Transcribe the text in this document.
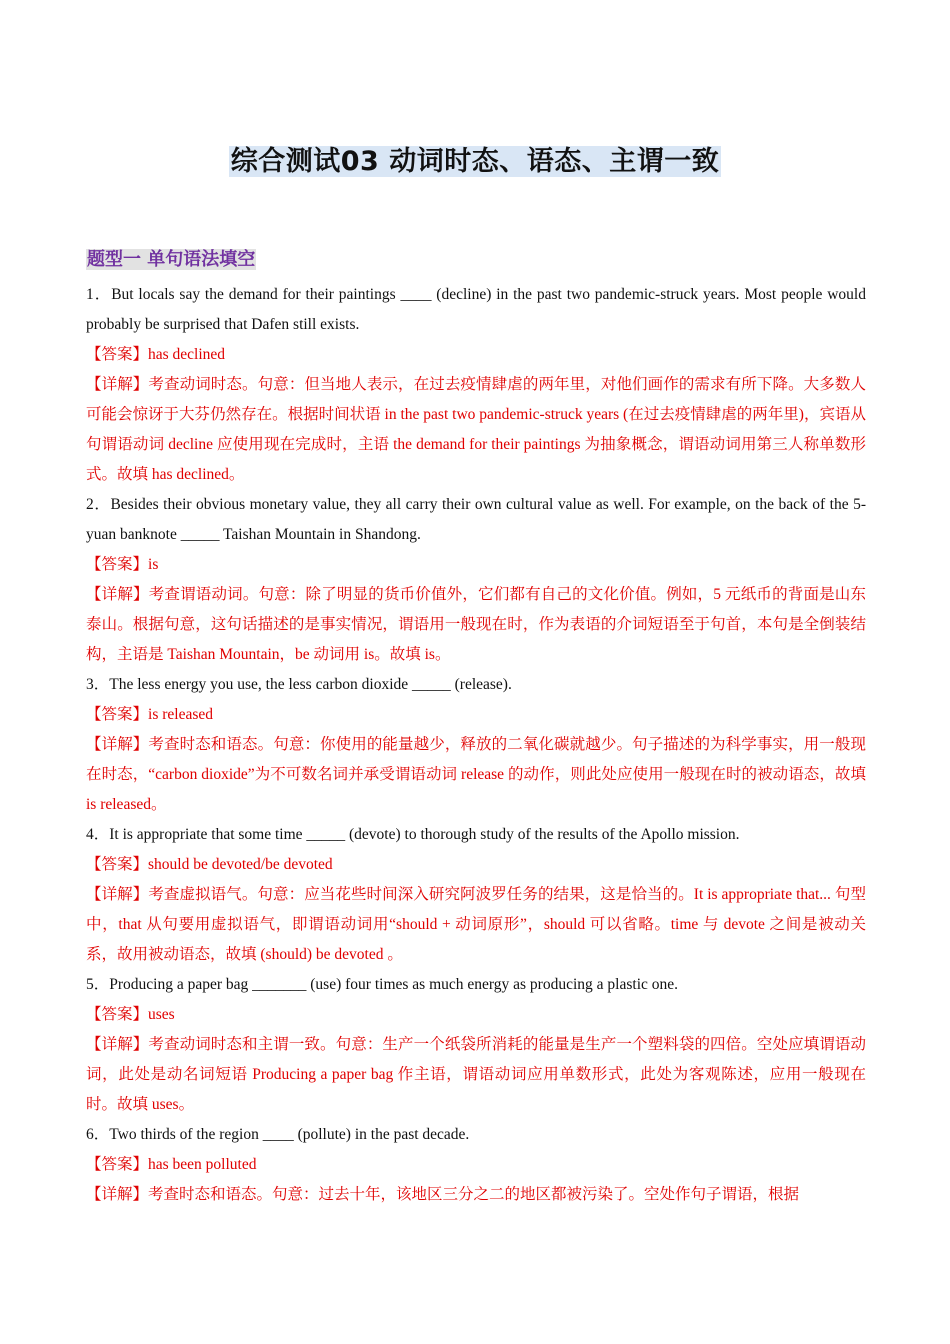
综合测试03 动词时态、语态、主谓一致
题型一 单句语法填空

1．But locals say the demand for their paintings ____ (decline) in the past two pandemic-struck years. Most people would probably be surprised that Dafen still exists.

【答案】has declined

【详解】考查动词时态。句意：但当地人表示，在过去疫情肆虐的两年里，对他们画作的需求有所下降。大多数人可能会惊讶于大芬仍然存在。根据时间状语 in the past two pandemic-struck years (在过去疫情肆虐的两年里)，宾语从句谓语动词 decline 应使用现在完成时，主语 the demand for their paintings 为抽象概念，谓语动词用第三人称单数形式。故填 has declined。

2．Besides their obvious monetary value, they all carry their own cultural value as well. For example, on the back of the 5-yuan banknote _____ Taishan Mountain in Shandong.

【答案】is

【详解】考查谓语动词。句意：除了明显的货币价值外，它们都有自己的文化价值。例如，5 元纸币的背面是山东泰山。根据句意，这句话描述的是事实情况，谓语用一般现在时，作为表语的介词短语至于句首，本句是全倒装结构，主语是 Taishan Mountain，be 动词用 is。故填 is。

3．The less energy you use, the less carbon dioxide _____ (release).

【答案】is released

【详解】考查时态和语态。句意：你使用的能量越少，释放的二氧化碳就越少。句子描述的为科学事实，用一般现在时态，“carbon dioxide”为不可数名词并承受谓语动词 release 的动作，则此处应使用一般现在时的被动语态，故填 is released。

4．It is appropriate that some time _____ (devote) to thorough study of the results of the Apollo mission.

【答案】should be devoted/be devoted

【详解】考查虚拟语气。句意：应当花些时间深入研究阿波罗任务的结果，这是恰当的。It is appropriate that... 句型中，that 从句要用虚拟语气，即谓语动词用“should + 动词原形”，should 可以省略。time 与 devote 之间是被动关系，故用被动语态，故填 (should) be devoted 。

5．Producing a paper bag _______ (use) four times as much energy as producing a plastic one.

【答案】uses

【详解】考查动词时态和主谓一致。句意：生产一个纸袋所消耗的能量是生产一个塑料袋的四倍。空处应填谓语动词，此处是动名词短语 Producing a paper bag 作主语，谓语动词应用单数形式，此处为客观陈述，应用一般现在时。故填 uses。

6．Two thirds of the region ____ (pollute) in the past decade.

【答案】has been polluted

【详解】考查时态和语态。句意：过去十年，该地区三分之二的地区都被污染了。空处作句子谓语，根据
